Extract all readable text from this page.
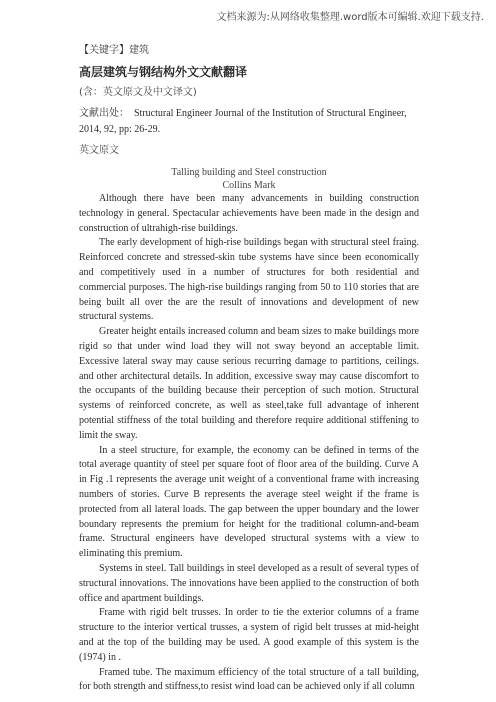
文档来源为:从网络收集整理.word版本可编辑.欢迎下载支持.

【关键字】建筑

高层建筑与钢结构外文文献翻译

(含：英文原文及中文译文)

文献出处： Structural Engineer Journal of the Institution of Structural Engineer, 2014, 92, pp: 26-29.

英文原文

Talling building and Steel construction

Collins Mark

Although there have been many advancements in building construction technology in general. Spectacular achievements have been made in the design and construction of ultrahigh-rise buildings.

The early development of high-rise buildings began with structural steel fraing. Reinforced concrete and stressed-skin tube systems have since been economically and competitively used in a number of structures for both residential and commercial purposes. The high-rise buildings ranging from 50 to 110 stories that are being built all over the are the result of innovations and development of new structural systems.

Greater height entails increased column and beam sizes to make buildings more rigid so that under wind load they will not sway beyond an acceptable limit. Excessive lateral sway may cause serious recurring damage to partitions, ceilings. and other architectural details. In addition, excessive sway may cause discomfort to the occupants of the building because their perception of such motion. Structural systems of reinforced concrete, as well as steel,take full advantage of inherent potential stiffness of the total building and therefore require additional stiffening to limit the sway.

In a steel structure, for example, the economy can be defined in terms of the total average quantity of steel per square foot of floor area of the building. Curve A in Fig .1 represents the average unit weight of a conventional frame with increasing numbers of stories. Curve B represents the average steel weight if the frame is protected from all lateral loads. The gap between the upper boundary and the lower boundary represents the premium for height for the traditional column-and-beam frame. Structural engineers have developed structural systems with a view to eliminating this premium.

Systems in steel. Tall buildings in steel developed as a result of several types of structural innovations. The innovations have been applied to the construction of both office and apartment buildings.

Frame with rigid belt trusses. In order to tie the exterior columns of a frame structure to the interior vertical trusses, a system of rigid belt trusses at mid-height and at the top of the building may be used. A good example of this system is the (1974) in .

Framed tube. The maximum efficiency of the total structure of a tall building, for both strength and stiffness,to resist wind load can be achieved only if all column
